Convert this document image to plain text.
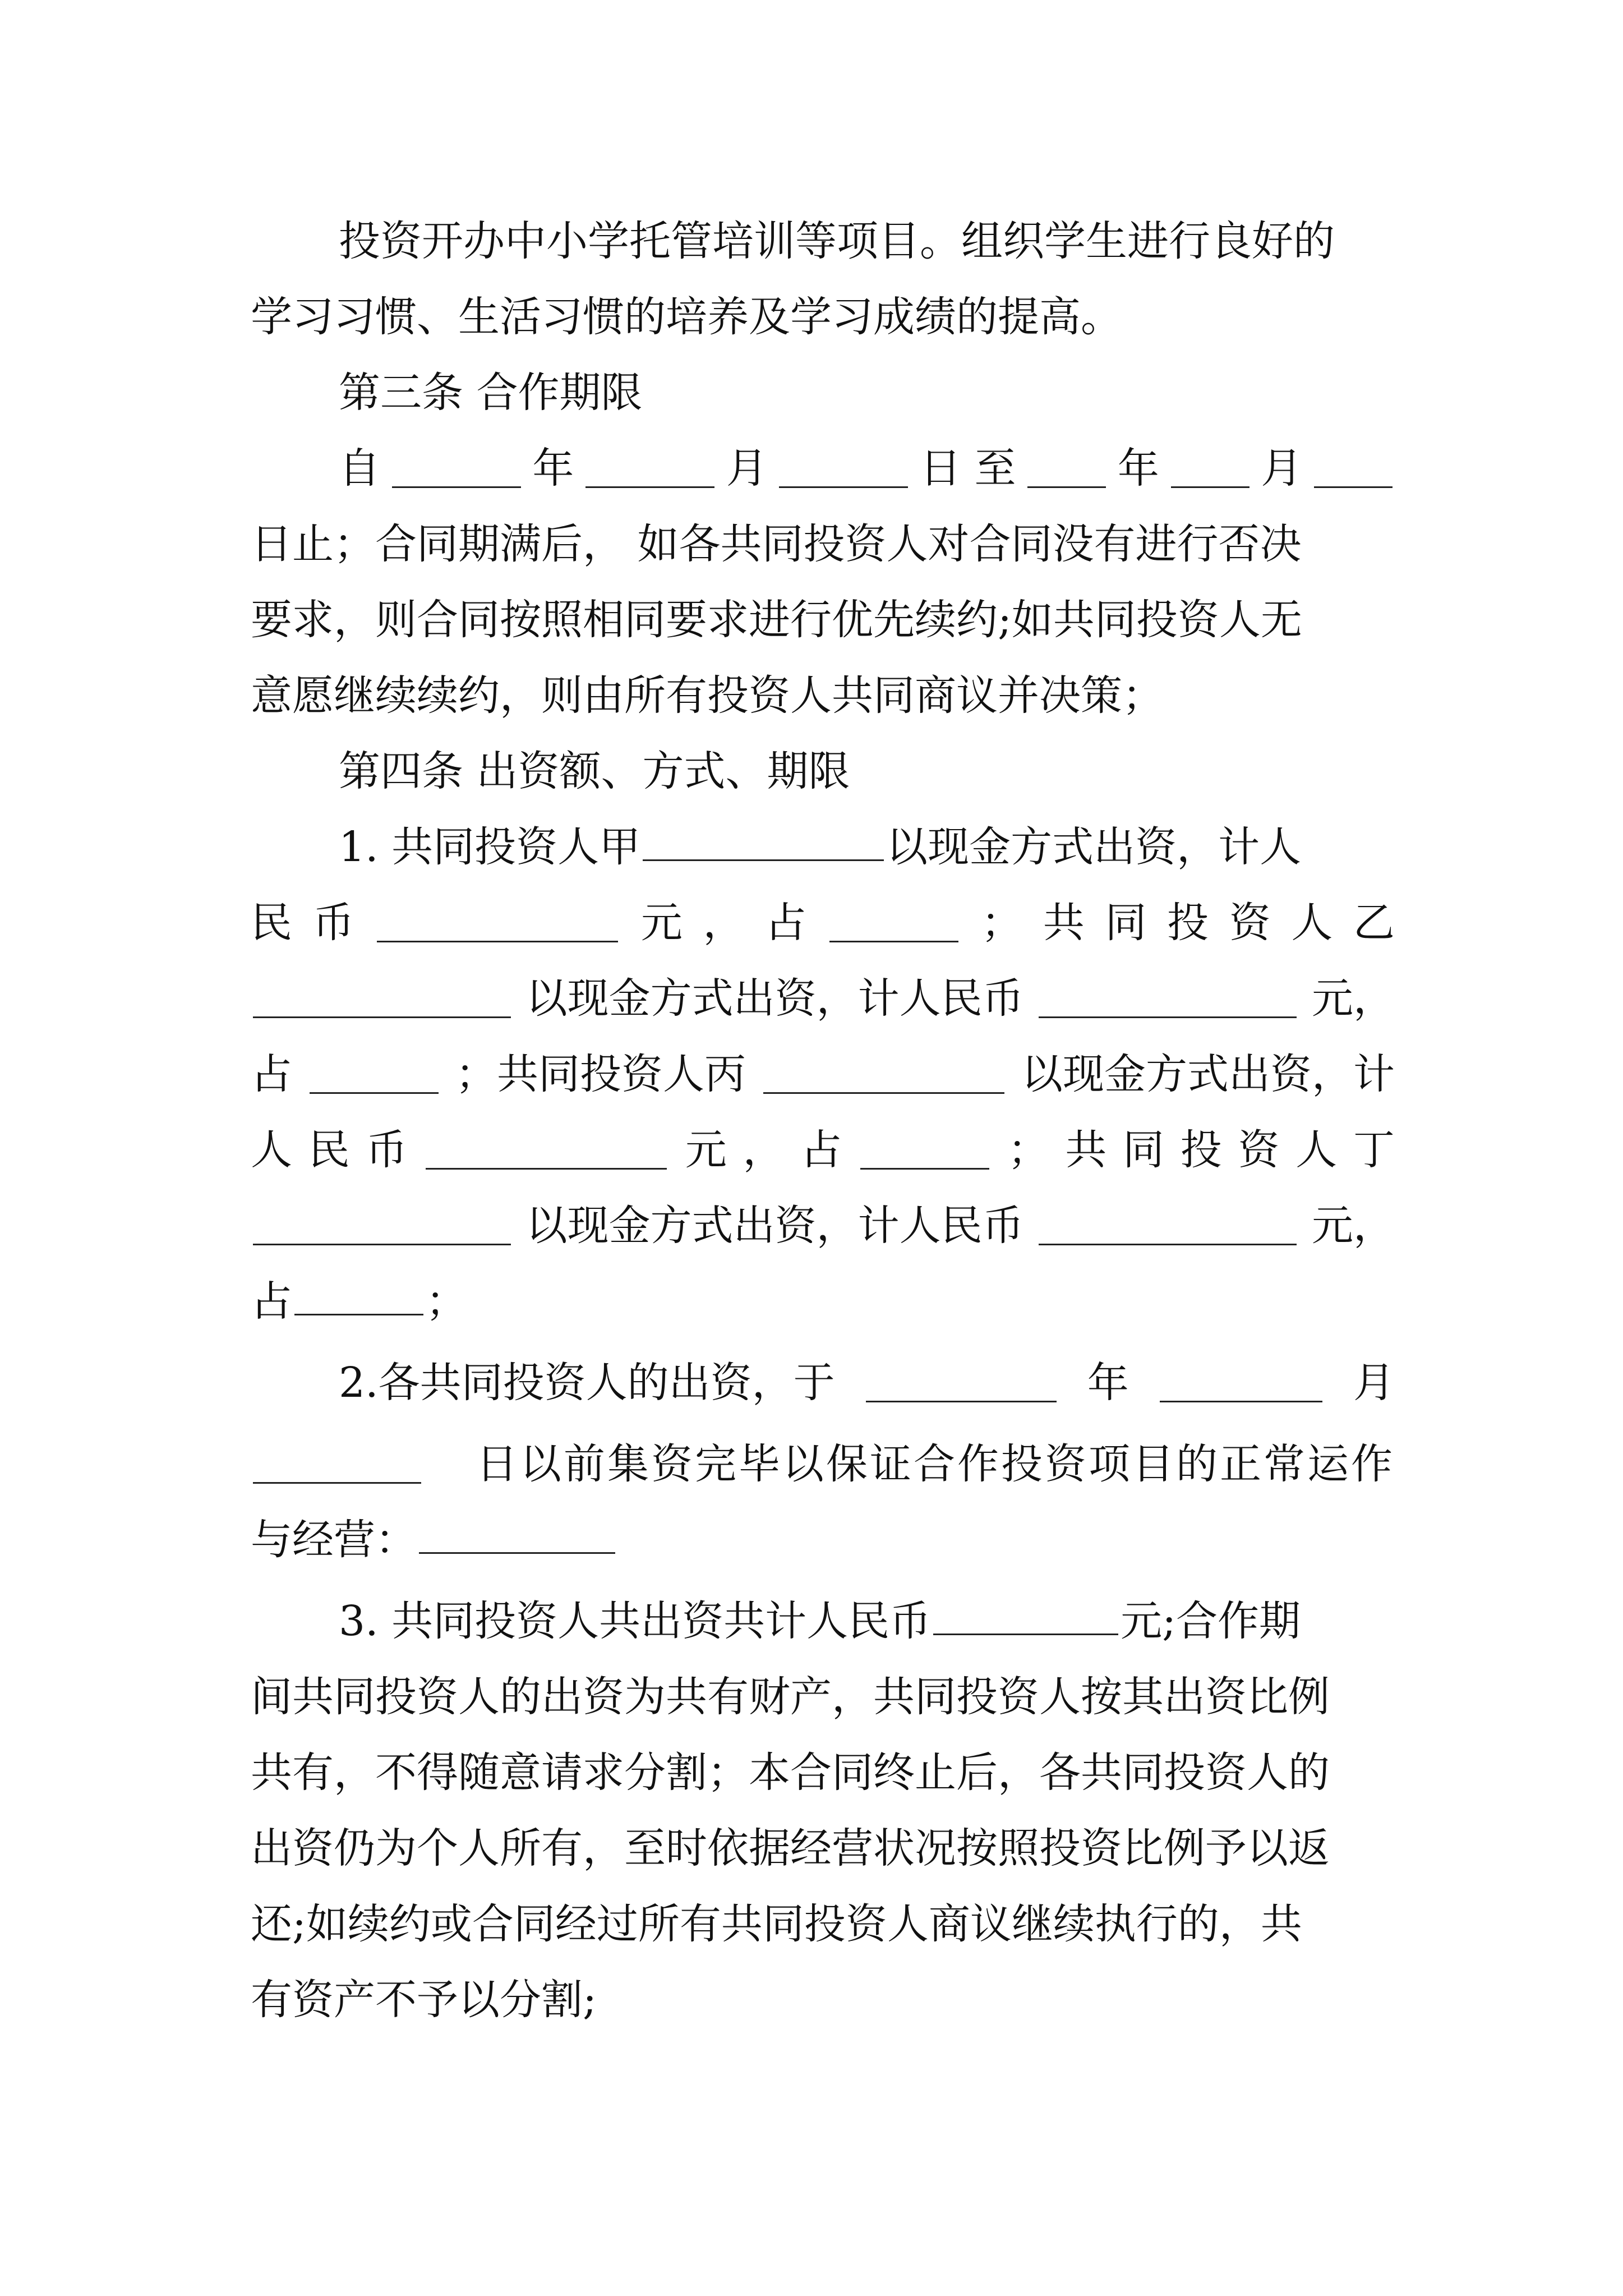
投资开办中小学托管培训等项目。组织学生进行良好的
学习习惯、生活习惯的培养及学习成绩的提高。
第三条 合作期限
自	年	月	日 至 年 月
日止；合同期满后， 如各共同投资人对合同没有进行否决
要求，则合同按照相同要求进行优先续约;如共同投资人无
意愿继续续约，则由所有投资人共同商议并决策；
第四条 出资额、方式、期限
1. 共同投资人甲	以现金方式出资，计人
民 币	元 ， 占	； 共 同 投 资 人 乙
以现金方式出资，计人民币	元，
占	；共同投资人丙	以现金方式出资，计
人 民 币	元 ， 占	； 共 同 投 资 人 丁
以现金方式出资，计人民币	元，
占	；
2.各共同投资人的出资，于	年	月
日以前集资完毕以保证合作投资项目的正常运作
与经营：
3. 共同投资人共出资共计人民币	元;合作期
间共同投资人的出资为共有财产，共同投资人按其出资比例
共有，不得随意请求分割；本合同终止后，各共同投资人的
出资仍为个人所有，至时依据经营状况按照投资比例予以返
还;如续约或合同经过所有共同投资人商议继续执行的，共
有资产不予以分割;
